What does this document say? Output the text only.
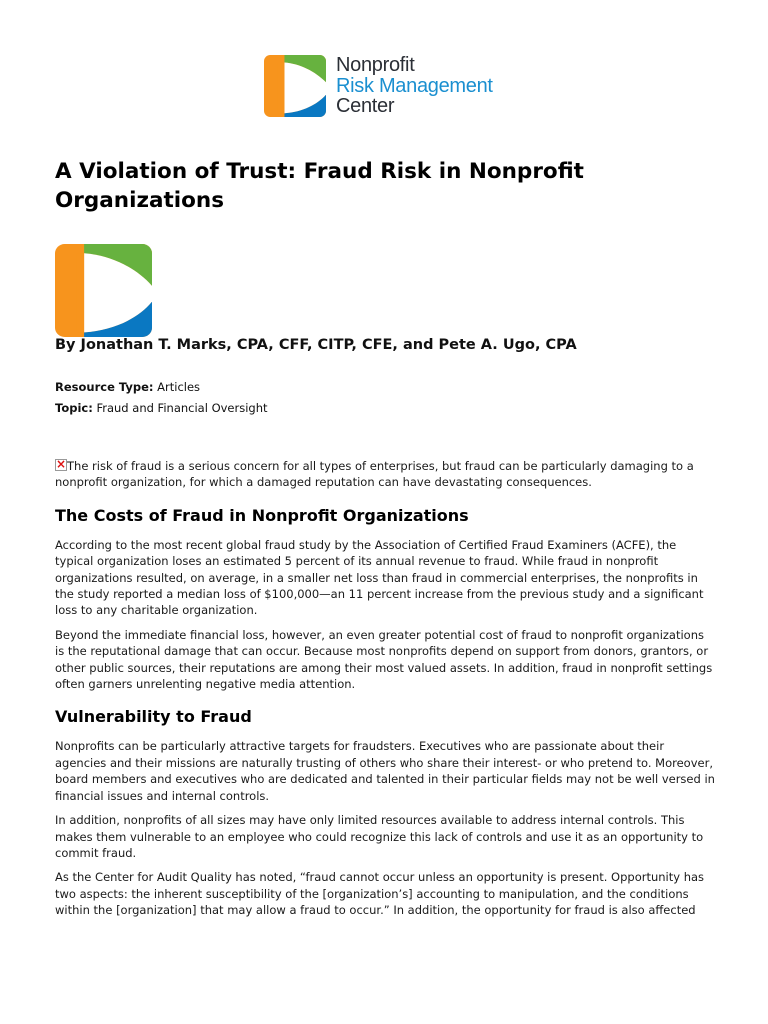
Nonprofit
Risk Management
Center
A Violation of Trust: Fraud Risk in Nonprofit Organizations

By Jonathan T. Marks, CPA, CFF, CITP, CFE, and Pete A. Ugo, CPA

Resource Type: Articles
Topic: Fraud and Financial Oversight

×The risk of fraud is a serious concern for all types of enterprises, but fraud can be particularly damaging to a nonprofit organization, for which a damaged reputation can have devastating consequences.

The Costs of Fraud in Nonprofit Organizations

According to the most recent global fraud study by the Association of Certified Fraud Examiners (ACFE), the typical organization loses an estimated 5 percent of its annual revenue to fraud. While fraud in nonprofit organizations resulted, on average, in a smaller net loss than fraud in commercial enterprises, the nonprofits in the study reported a median loss of $100,000—an 11 percent increase from the previous study and a significant loss to any charitable organization.

Beyond the immediate financial loss, however, an even greater potential cost of fraud to nonprofit organizations is the reputational damage that can occur. Because most nonprofits depend on support from donors, grantors, or other public sources, their reputations are among their most valued assets. In addition, fraud in nonprofit settings often garners unrelenting negative media attention.

Vulnerability to Fraud

Nonprofits can be particularly attractive targets for fraudsters. Executives who are passionate about their agencies and their missions are naturally trusting of others who share their interest- or who pretend to. Moreover, board members and executives who are dedicated and talented in their particular fields may not be well versed in financial issues and internal controls.

In addition, nonprofits of all sizes may have only limited resources available to address internal controls. This makes them vulnerable to an employee who could recognize this lack of controls and use it as an opportunity to commit fraud.

As the Center for Audit Quality has noted, “fraud cannot occur unless an opportunity is present. Opportunity has two aspects: the inherent susceptibility of the [organization’s] accounting to manipulation, and the conditions within the [organization] that may allow a fraud to occur.” In addition, the opportunity for fraud is also affected
